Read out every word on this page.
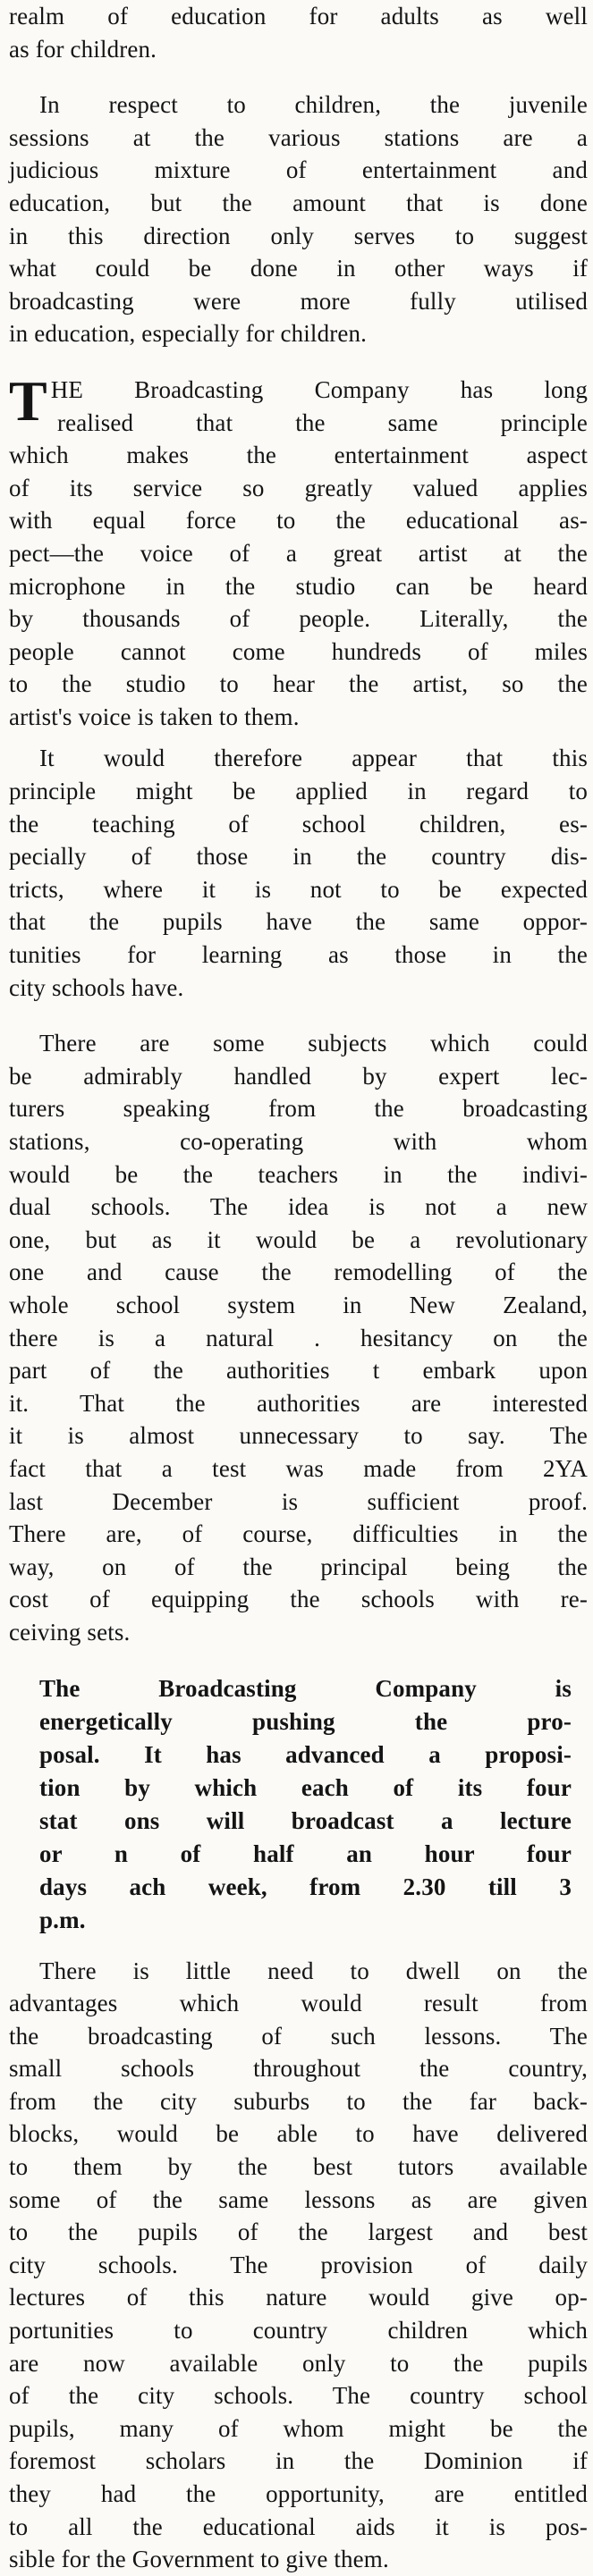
realm of education for adults as well
as for children.
In respect to children, the juvenile
sessions at the various stations are a
judicious mixture of entertainment and
education, but the amount that is done
in this direction only serves to suggest
what could be done in other ways if
broadcasting were more fully utilised
in education, especially for children.
T HE Broadcasting Company has long
realised that the same principle
which makes the entertainment aspect
of its service so greatly valued applies
with equal force to the educational as-
pect—the voice of a great artist at the
microphone in the studio can be heard
by thousands of people. Literally, the
people cannot come hundreds of miles
to the studio to hear the artist, so the
artist's voice is taken to them.
It would therefore appear that this
principle might be applied in regard to
the teaching of school children, es-
pecially of those in the country dis-
tricts, where it is not to be expected
that the pupils have the same oppor-
tunities for learning as those in the
city schools have.
There are some subjects which could
be admirably handled by expert lec-
turers speaking from the broadcasting
stations, co-operating with whom
would be the teachers in the indivi-
dual schools. The idea is not a new
one, but as it would be a revolutionary
one and cause the remodelling of the
whole school system in New Zealand,
there is a natural . hesitancy on the
part of the authorities t embark upon
it. That the authorities are interested
it is almost unnecessary to say. The
fact that a test was made from 2YA
last December is sufficient proof.
There are, of course, difficulties in the
way, on of the principal being the
cost of equipping the schools with re-
ceiving sets.
The Broadcasting Company is
energetically pushing the pro-
posal. It has advanced a proposi-
tion by which each of its four
stat ons will broadcast a lecture
or n of half an hour four
days ach week, from 2.30 till 3
p.m.
There is little need to dwell on the
advantages which would result from
the broadcasting of such lessons. The
small schools throughout the country,
from the city suburbs to the far back-
blocks, would be able to have delivered
to them by the best tutors available
some of the same lessons as are given
to the pupils of the largest and best
city schools. The provision of daily
lectures of this nature would give op-
portunities to country children which
are now available only to the pupils
of the city schools. The country school
pupils, many of whom might be the
foremost scholars in the Dominion if
they had the opportunity, are entitled
to all the educational aids it is pos-
sible for the Government to give them.
